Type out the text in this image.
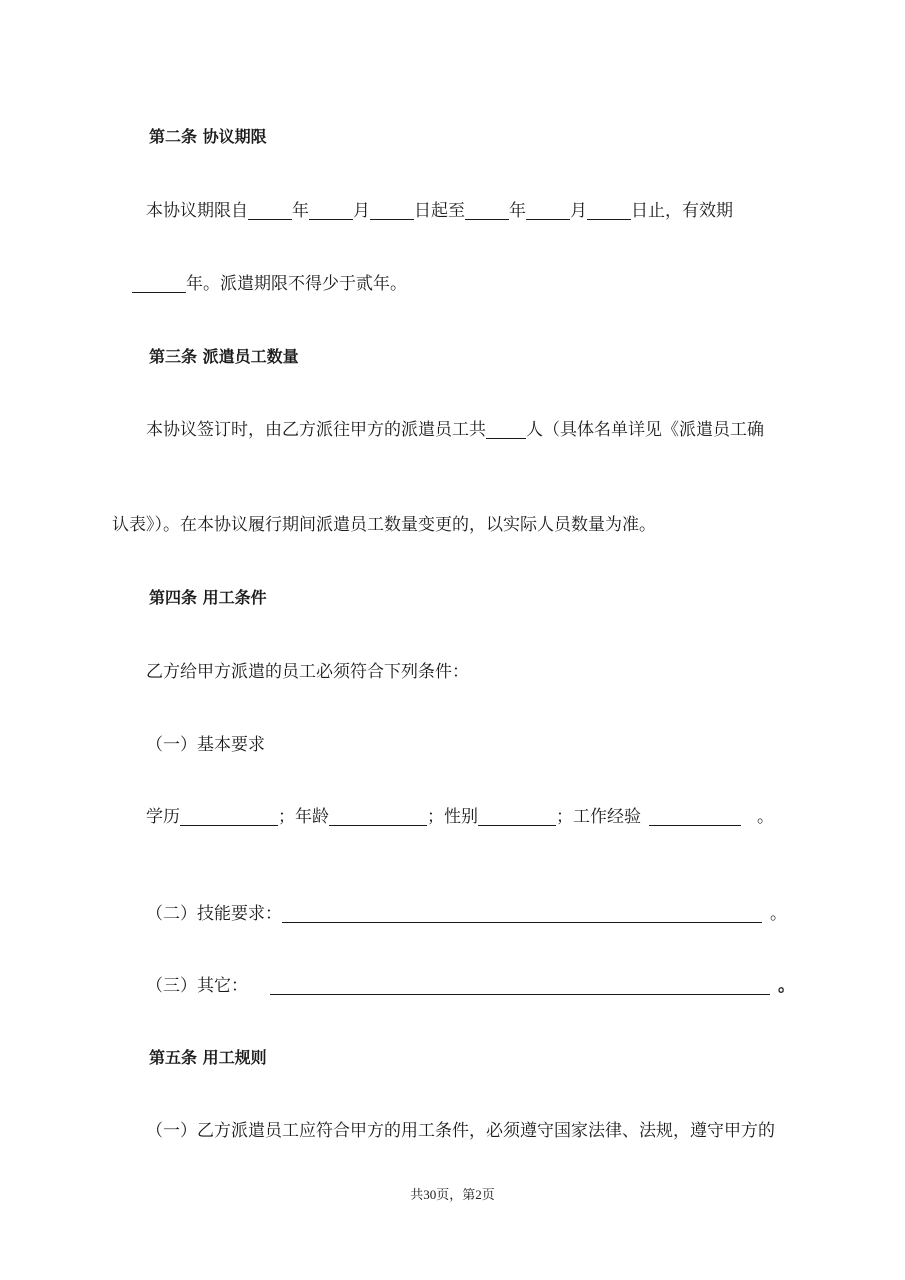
第二条 协议期限
本协议期限自	年	月	日起至	年	月	日止，有效期
年。派遣期限不得少于贰年。
第三条 派遣员工数量
本协议签订时，由乙方派往甲方的派遣员工共 人（具体名单详见《派遣员工确
认表》）。在本协议履行期间派遣员工数量变更的，以实际人员数量为准。
第四条 用工条件
乙方给甲方派遣的员工必须符合下列条件：
（一）基本要求
学历	；年龄	；性别	；工作经验	。
（二）技能要求：	。
（三）其它：	。
第五条 用工规则
（一）乙方派遣员工应符合甲方的用工条件，必须遵守国家法律、法规，遵守甲方的
共30页，第2页
